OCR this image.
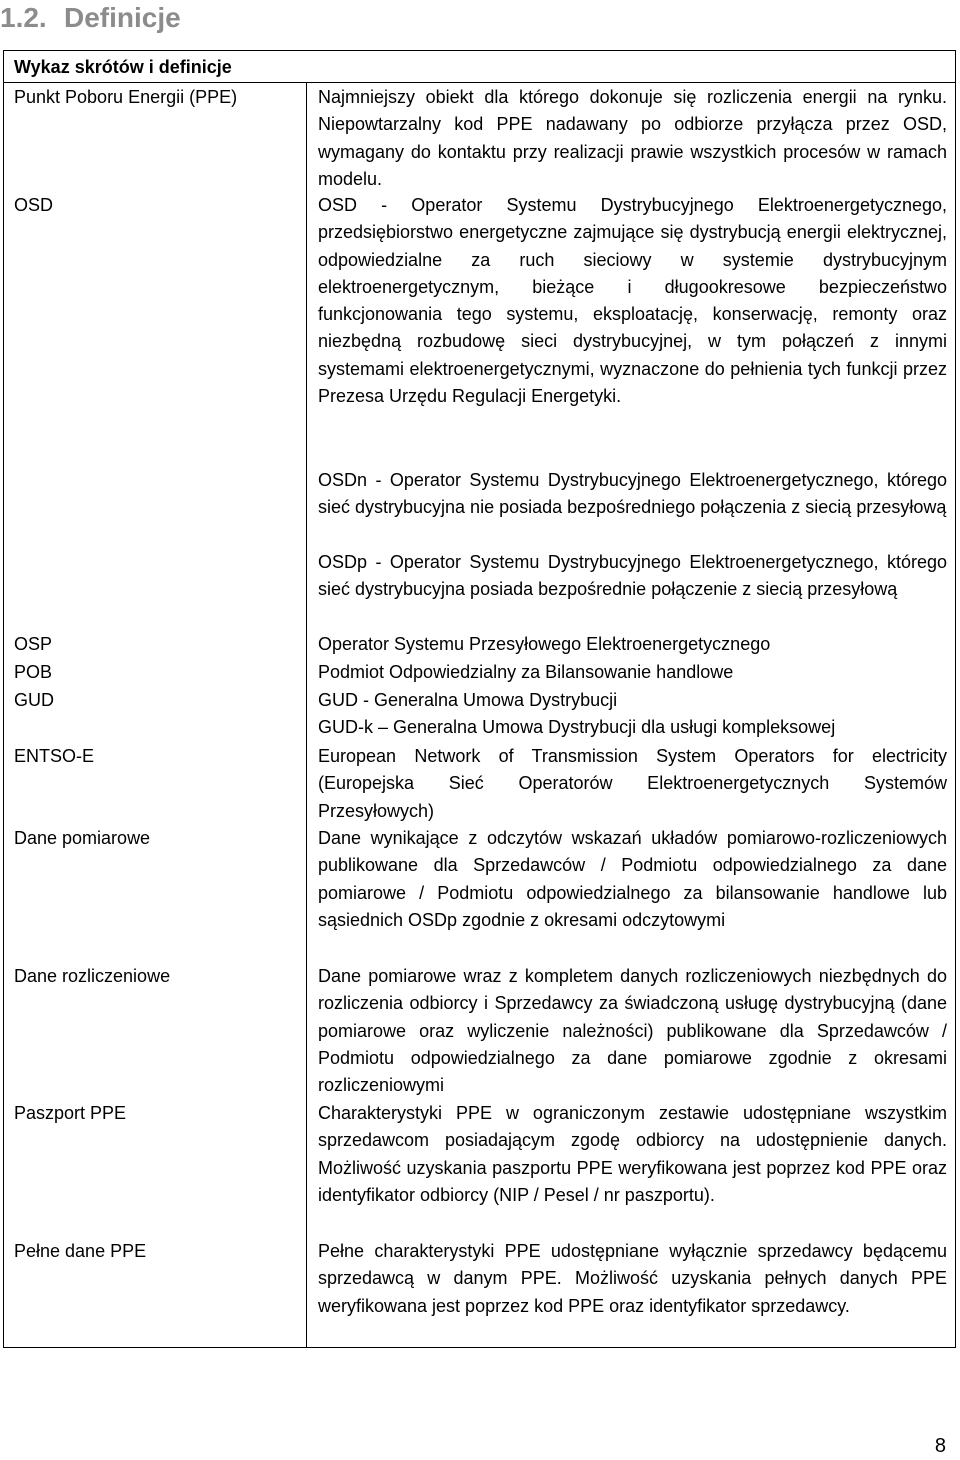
1.2. Definicje
Wykaz skrótów i definicje
Punkt Poboru Energii (PPE)	Najmniejszy obiekt dla którego dokonuje się rozliczenia energii na rynku. Niepowtarzalny kod PPE nadawany po odbiorze przyłącza przez OSD, wymagany do kontaktu przy realizacji prawie wszystkich procesów w ramach modelu.
OSD	OSD - Operator Systemu Dystrybucyjnego Elektroenergetycznego, przedsiębiorstwo energetyczne zajmujące się dystrybucją energii elektrycznej, odpowiedzialne za ruch sieciowy w systemie dystrybucyjnym elektroenergetycznym, bieżące i długookresowe bezpieczeństwo funkcjonowania tego systemu, eksploatację, konserwację, remonty oraz niezbędną rozbudowę sieci dystrybucyjnej, w tym połączeń z innymi systemami elektroenergetycznymi, wyznaczone do pełnienia tych funkcji przez Prezesa Urzędu Regulacji Energetyki.
OSDn - Operator Systemu Dystrybucyjnego Elektroenergetycznego, którego sieć dystrybucyjna nie posiada bezpośredniego połączenia z siecią przesyłową
OSDp - Operator Systemu Dystrybucyjnego Elektroenergetycznego, którego sieć dystrybucyjna posiada bezpośrednie połączenie z siecią przesyłową
OSP	Operator Systemu Przesyłowego Elektroenergetycznego
POB	Podmiot Odpowiedzialny za Bilansowanie handlowe
GUD	GUD - Generalna Umowa Dystrybucji
GUD-k – Generalna Umowa Dystrybucji dla usługi kompleksowej
ENTSO-E	European Network of Transmission System Operators for electricity (Europejska Sieć Operatorów Elektroenergetycznych Systemów Przesyłowych)
Dane pomiarowe	Dane wynikające z odczytów wskazań układów pomiarowo-rozliczeniowych publikowane dla Sprzedawców / Podmiotu odpowiedzialnego za dane pomiarowe / Podmiotu odpowiedzialnego za bilansowanie handlowe lub sąsiednich OSDp zgodnie z okresami odczytowymi
Dane rozliczeniowe	Dane pomiarowe wraz z kompletem danych rozliczeniowych niezbędnych do rozliczenia odbiorcy i Sprzedawcy za świadczoną usługę dystrybucyjną (dane pomiarowe oraz wyliczenie należności) publikowane dla Sprzedawców / Podmiotu odpowiedzialnego za dane pomiarowe zgodnie z okresami rozliczeniowymi
Paszport PPE	Charakterystyki PPE w ograniczonym zestawie udostępniane wszystkim sprzedawcom posiadającym zgodę odbiorcy na udostępnienie danych. Możliwość uzyskania paszportu PPE weryfikowana jest poprzez kod PPE oraz identyfikator odbiorcy (NIP / Pesel / nr paszportu).
Pełne dane PPE	Pełne charakterystyki PPE udostępniane wyłącznie sprzedawcy będącemu sprzedawcą w danym PPE. Możliwość uzyskania pełnych danych PPE weryfikowana jest poprzez kod PPE oraz identyfikator sprzedawcy.
8
